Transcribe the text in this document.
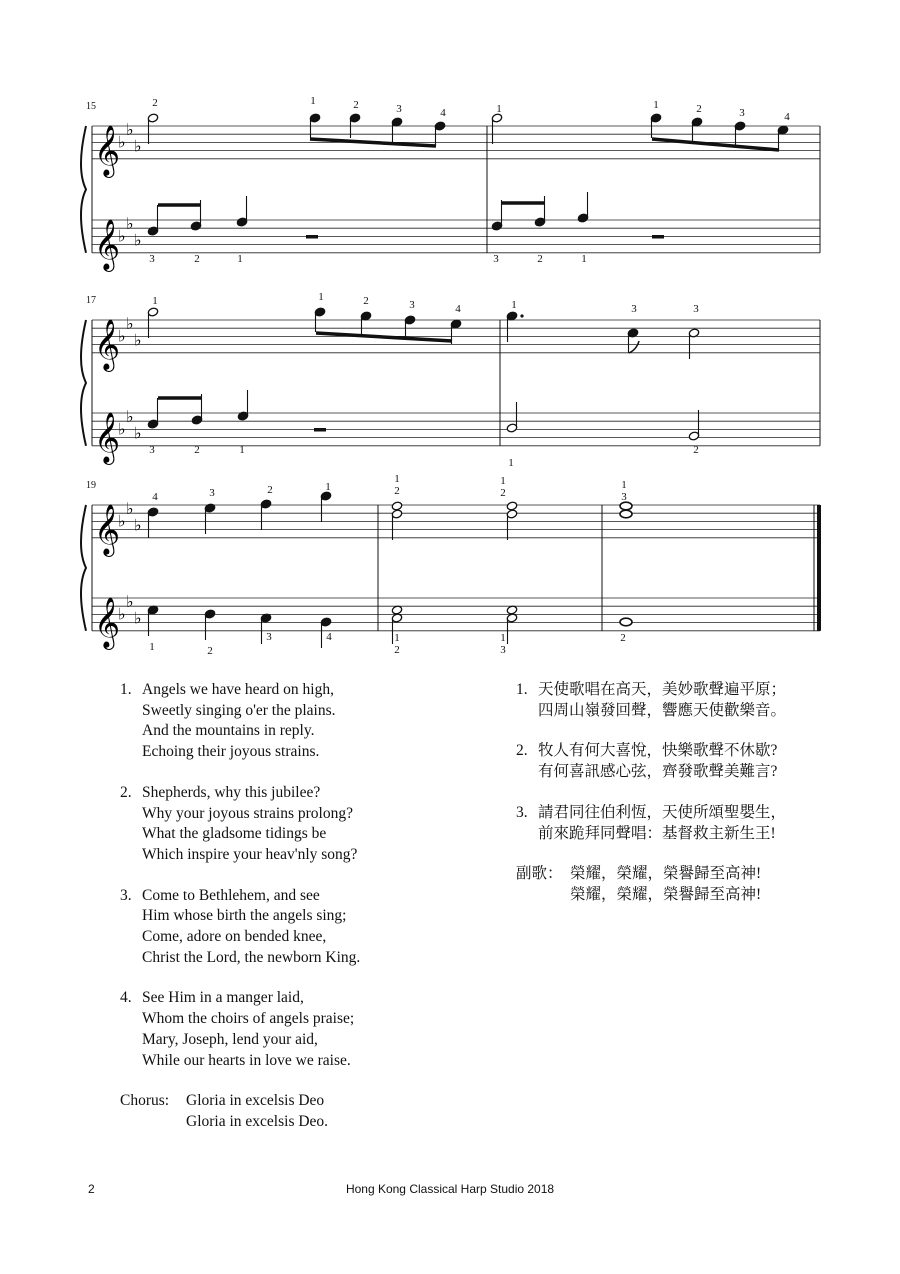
𝄞
♭
♭
♭
𝄞
♭
♭
♭
𝄞
♭
♭
♭
𝄞
♭
♭
♭
𝄞
♭
♭
♭
𝄞
♭
♭
♭
2	1	2	3	4	1	1	2	3	4
3	2	1	3	2	1
1	1	2	3	4	1	3	3
3	2	1
1
2
4	3	2	1
1
2
1
2
1
3
1	2
3	4	1
2
1
3
2
15
17
19
1. Angels we have heard on high,
Sweetly singing o'er the plains.
And the mountains in reply.
Echoing their joyous strains.
2. Shepherds, why this jubilee?
Why your joyous strains prolong?
What the gladsome tidings be
Which inspire your heav'nly song?
3. Come to Bethlehem, and see
Him whose birth the angels sing;
Come, adore on bended knee,
Christ the Lord, the newborn King.
4. See Him in a manger laid,
Whom the choirs of angels praise;
Mary, Joseph, lend your aid,
While our hearts in love we raise.
Chorus:	Gloria in excelsis Deo
Gloria in excelsis Deo.
1. 天使歌唱在高天，美妙歌聲遍平原；
四周山嶺發回聲，響應天使歡樂音。
2. 牧人有何大喜悅，快樂歌聲不休歇?
有何喜訊感心弦，齊發歌聲美難言?
3. 請君同往伯利恆，天使所頌聖嬰生，
前來跪拜同聲唱：基督救主新生王!
副歌： 榮耀，榮耀，榮譽歸至高神!
榮耀，榮耀，榮譽歸至高神!
2	Hong Kong Classical Harp Studio 2018
